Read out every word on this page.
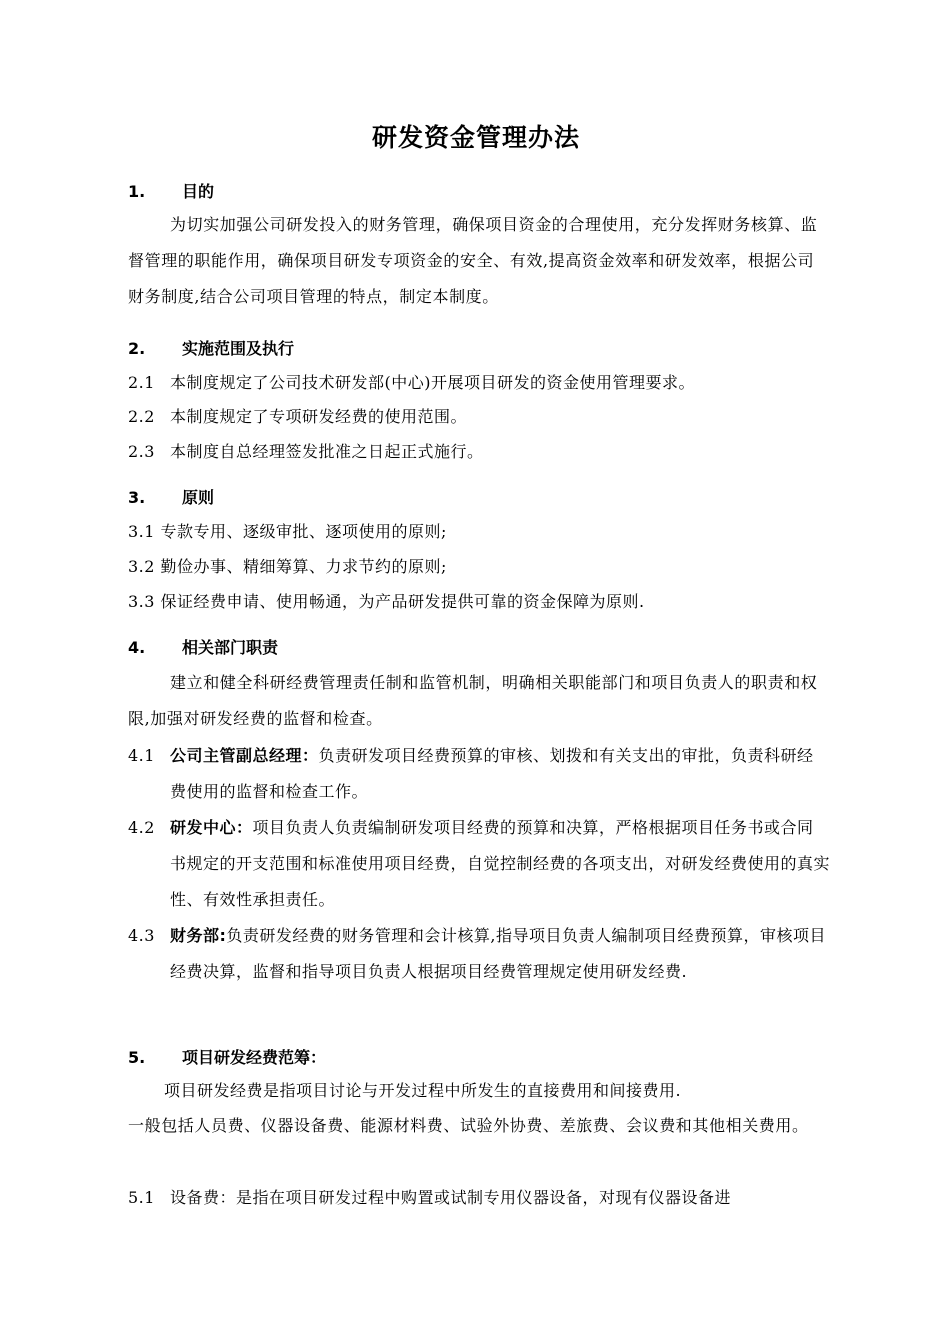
研发资金管理办法
1. 目的
为切实加强公司研发投入的财务管理，确保项目资金的合理使用，充分发挥财务核算、监督管理的职能作用，确保项目研发专项资金的安全、有效,提高资金效率和研发效率，根据公司财务制度,结合公司项目管理的特点，制定本制度。
2. 实施范围及执行
2.1 本制度规定了公司技术研发部(中心)开展项目研发的资金使用管理要求。
2.2 本制度规定了专项研发经费的使用范围。
2.3 本制度自总经理签发批准之日起正式施行。
3. 原则
3.1 专款专用、逐级审批、逐项使用的原则;
3.2 勤俭办事、精细筹算、力求节约的原则;
3.3 保证经费申请、使用畅通，为产品研发提供可靠的资金保障为原则.
4. 相关部门职责
建立和健全科研经费管理责任制和监管机制，明确相关职能部门和项目负责人的职责和权限,加强对研发经费的监督和检查。
4.1 公司主管副总经理：负责研发项目经费预算的审核、划拨和有关支出的审批，负责科研经费使用的监督和检查工作。
4.2 研发中心：项目负责人负责编制研发项目经费的预算和决算，严格根据项目任务书或合同书规定的开支范围和标准使用项目经费，自觉控制经费的各项支出，对研发经费使用的真实性、有效性承担责任。
4.3 财务部:负责研发经费的财务管理和会计核算,指导项目负责人编制项目经费预算，审核项目经费决算，监督和指导项目负责人根据项目经费管理规定使用研发经费.
5. 项目研发经费范筹：
项目研发经费是指项目讨论与开发过程中所发生的直接费用和间接费用.
一般包括人员费、仪器设备费、能源材料费、试验外协费、差旅费、会议费和其他相关费用。
5.1 设备费：是指在项目研发过程中购置或试制专用仪器设备，对现有仪器设备进
